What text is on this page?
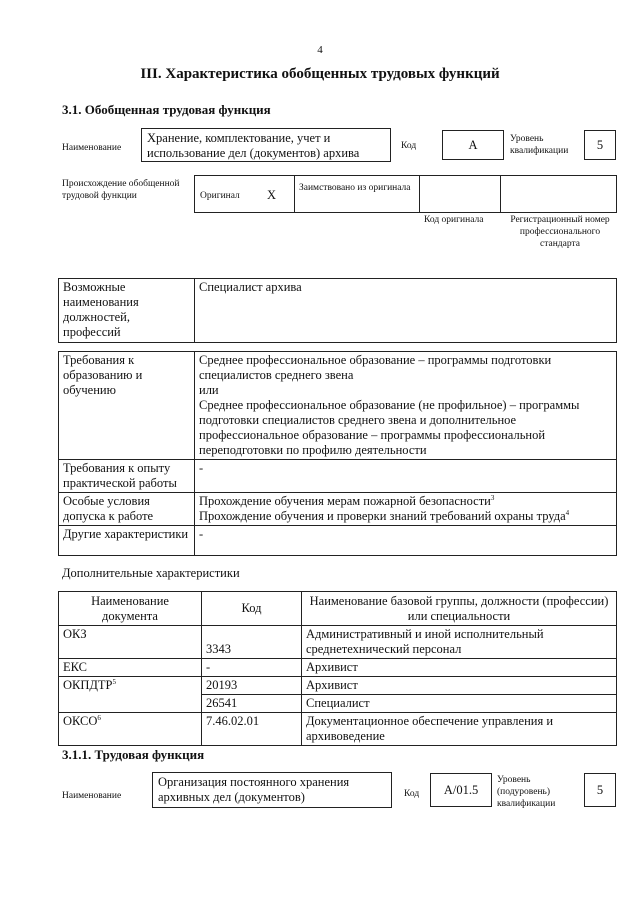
4
III. Характеристика обобщенных трудовых функций
3.1. Обобщенная трудовая функция
Наименование
Хранение, комплектование, учет и использование дел (документов) архива	Код	A	Уровень квалификации	5
Происхождение обобщенной трудовой функции	Оригинал X Заимствовано из оригинала
Код оригинала	Регистрационный номер профессионального стандарта
Возможные наименования должностей, профессий	Специалист архива
Требования к образованию и обучению	Среднее профессиональное образование – программы подготовки специалистов среднего звена
или
Среднее профессиональное образование (не профильное) – программы подготовки специалистов среднего звена и дополнительное профессиональное образование – программы профессиональной переподготовки по профилю деятельности
Требования к опыту практической работы	-
Особые условия допуска к работе	Прохождение обучения мерам пожарной безопасности$^3$
Прохождение обучения и проверки знаний требований охраны труда$^4$
Другие характеристики	-
Дополнительные характеристики
Наименование документа	Код	Наименование базовой группы, должности (профессии) или специальности
ОКЗ	3343	Административный и иной исполнительный среднетехнический персонал
ЕКС	-	Архивист
ОКПДТР$^5$	20193	Архивист
	26541	Специалист
ОКСО$^6$	7.46.02.01	Документационное обеспечение управления и архивоведение
3.1.1. Трудовая функция
Наименование
Организация постоянного хранения архивных дел (документов)	Код	A/01.5
Уровень (подуровень) квалификации
5
